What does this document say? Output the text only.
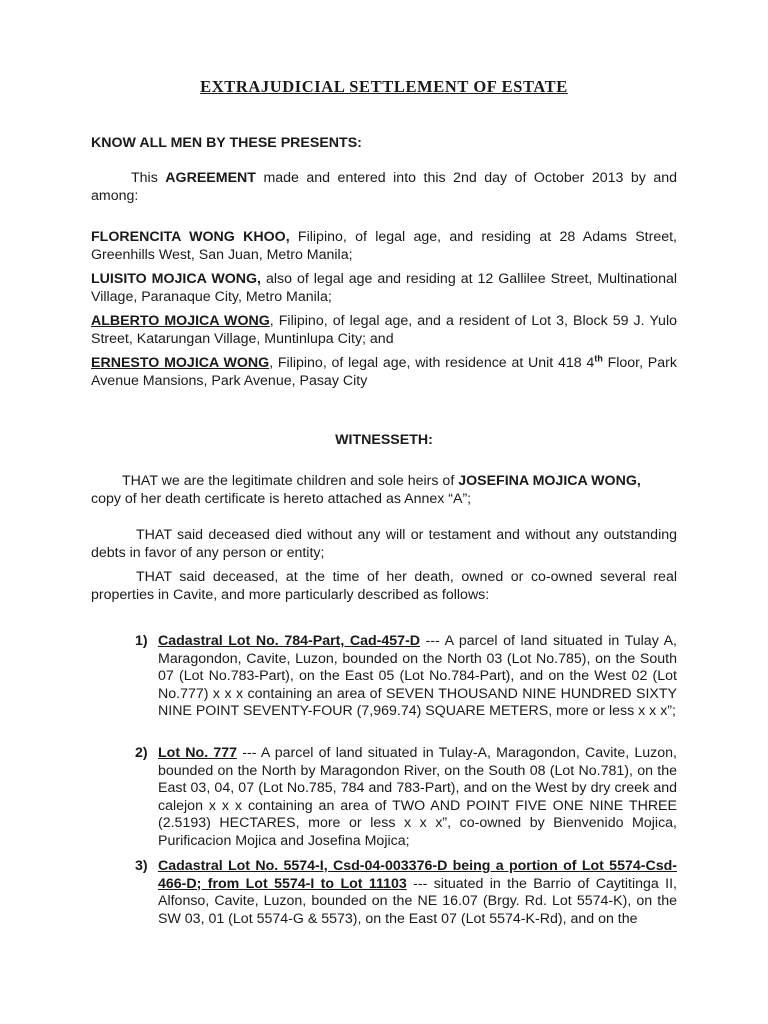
EXTRAJUDICIAL SETTLEMENT OF ESTATE
KNOW ALL MEN BY THESE PRESENTS:
This AGREEMENT made and entered into this 2nd day of October 2013 by and among:
FLORENCITA WONG KHOO, Filipino, of legal age, and residing at 28 Adams Street, Greenhills West, San Juan, Metro Manila;
LUISITO MOJICA WONG, also of legal age and residing at 12 Gallilee Street, Multinational Village, Paranaque City, Metro Manila;
ALBERTO MOJICA WONG, Filipino, of legal age, and a resident of Lot 3, Block 59 J. Yulo Street, Katarungan Village, Muntinlupa City; and
ERNESTO MOJICA WONG, Filipino, of legal age, with residence at Unit 418 4th Floor, Park Avenue Mansions, Park Avenue, Pasay City
WITNESSETH:
THAT we are the legitimate children and sole heirs of JOSEFINA MOJICA WONG,
copy of her death certificate is hereto attached as Annex “A”;
THAT said deceased died without any will or testament and without any outstanding debts in favor of any person or entity;
THAT said deceased, at the time of her death, owned or co-owned several real properties in Cavite, and more particularly described as follows:
1) Cadastral Lot No. 784-Part, Cad-457-D --- A parcel of land situated in Tulay A, Maragondon, Cavite, Luzon, bounded on the North 03 (Lot No.785), on the South 07 (Lot No.783-Part), on the East 05 (Lot No.784-Part), and on the West 02 (Lot No.777) x x x containing an area of SEVEN THOUSAND NINE HUNDRED SIXTY NINE POINT SEVENTY-FOUR (7,969.74) SQUARE METERS, more or less x x x”;
2) Lot No. 777 --- A parcel of land situated in Tulay-A, Maragondon, Cavite, Luzon, bounded on the North by Maragondon River, on the South 08 (Lot No.781), on the East 03, 04, 07 (Lot No.785, 784 and 783-Part), and on the West by dry creek and calejon x x x containing an area of TWO AND POINT FIVE ONE NINE THREE (2.5193) HECTARES, more or less x x x”, co-owned by Bienvenido Mojica, Purificacion Mojica and Josefina Mojica;
3) Cadastral Lot No. 5574-I, Csd-04-003376-D being a portion of Lot 5574-Csd-466-D; from Lot 5574-I to Lot 11103 --- situated in the Barrio of Caytitinga II, Alfonso, Cavite, Luzon, bounded on the NE 16.07 (Brgy. Rd. Lot 5574-K), on the SW 03, 01 (Lot 5574-G & 5573), on the East 07 (Lot 5574-K-Rd), and on the
